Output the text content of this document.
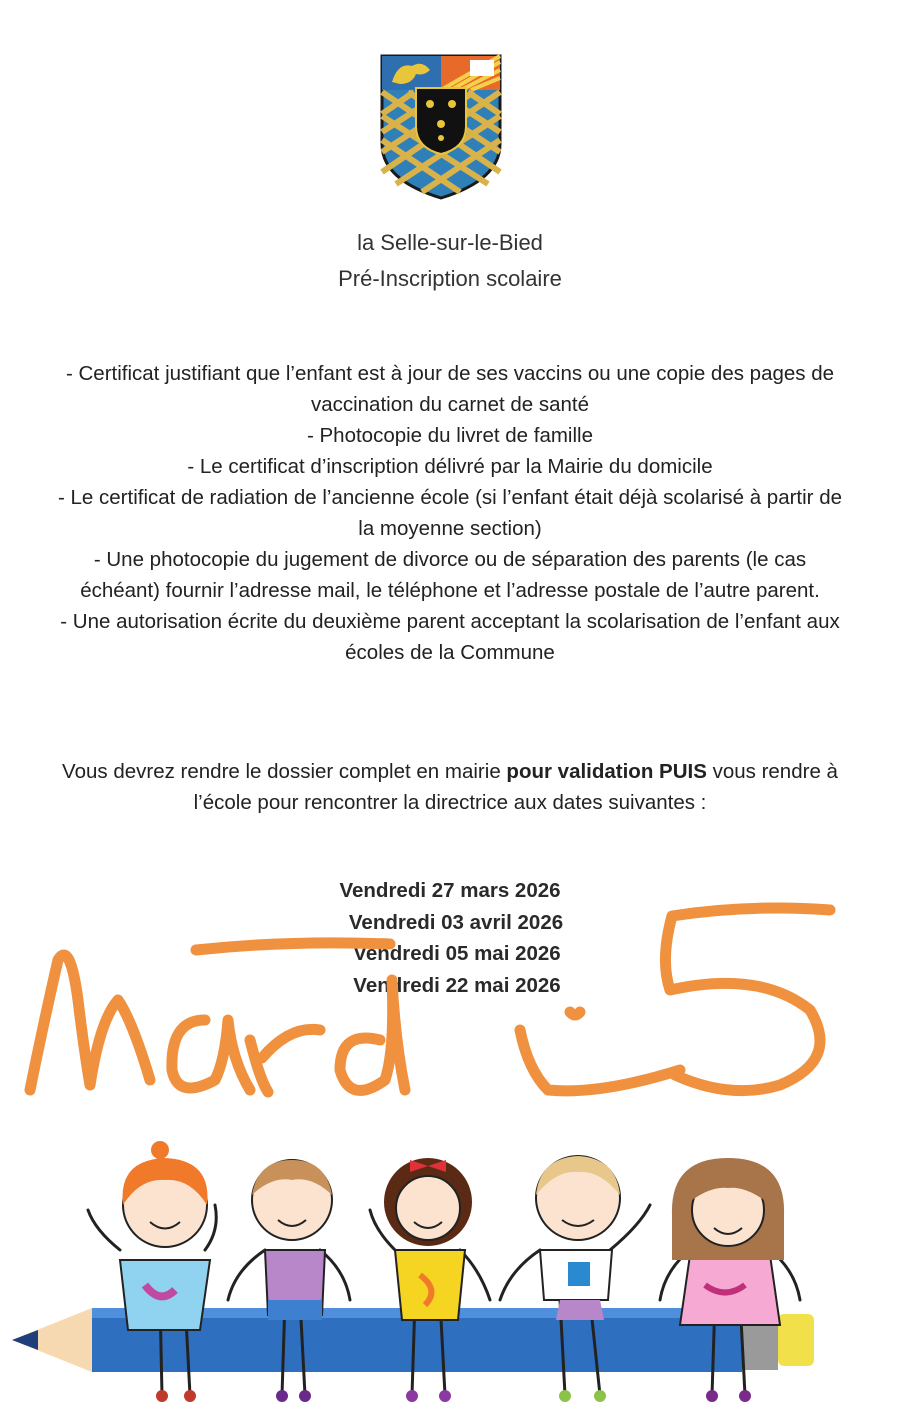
la Selle-sur-le-Bied
Pré-Inscription scolaire
- Certificat justifiant que l’enfant est à jour de ses vaccins ou une copie des pages de vaccination du carnet de santé
- Photocopie du livret de famille
- Le certificat d’inscription délivré par la Mairie du domicile
- Le certificat de radiation de l’ancienne école (si l’enfant était déjà scolarisé à partir de la moyenne section)
- Une photocopie du jugement de divorce ou de séparation des parents (le cas échéant) fournir l’adresse mail, le téléphone et l’adresse postale de l’autre parent.
- Une autorisation écrite du deuxième parent acceptant la scolarisation de l’enfant aux écoles de la Commune
Vous devrez rendre le dossier complet en mairie pour validation PUIS vous rendre à l’école pour rencontrer la directrice aux dates suivantes :
Vendredi 27 mars 2026
Vendredi 03 avril 2026
Vendredi 05 mai 2026
Vendredi 22 mai 2026
